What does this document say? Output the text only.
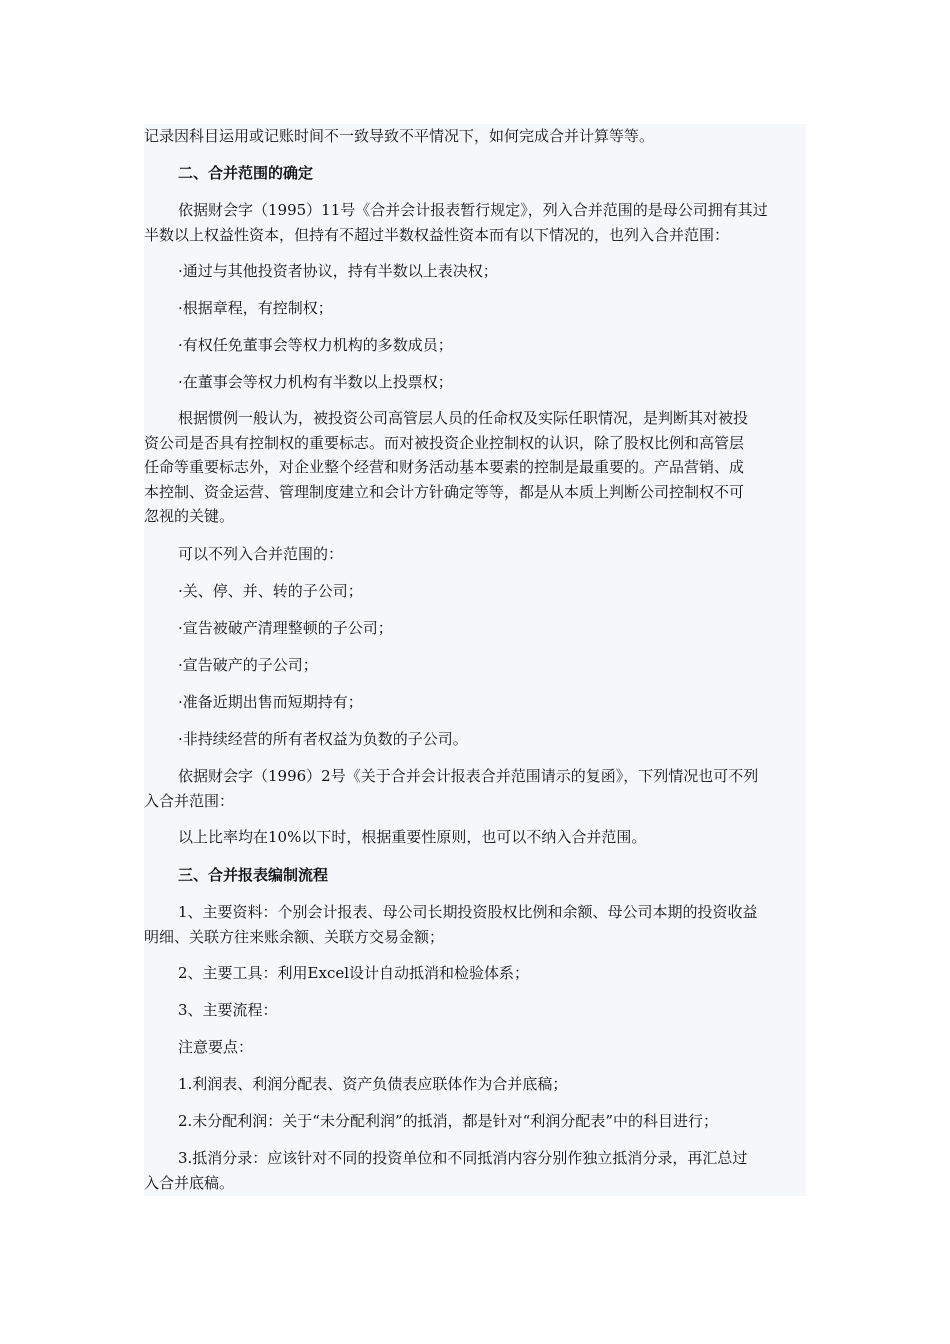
记录因科目运用或记账时间不一致导致不平情况下，如何完成合并计算等等。
二、合并范围的确定
依据财会字（1995）11号《合并会计报表暂行规定》，列入合并范围的是母公司拥有其过
半数以上权益性资本，但持有不超过半数权益性资本而有以下情况的，也列入合并范围：
·通过与其他投资者协议，持有半数以上表决权；
·根据章程，有控制权；
·有权任免董事会等权力机构的多数成员；
·在董事会等权力机构有半数以上投票权；
根据惯例一般认为，被投资公司高管层人员的任命权及实际任职情况，是判断其对被投
资公司是否具有控制权的重要标志。而对被投资企业控制权的认识，除了股权比例和高管层
任命等重要标志外，对企业整个经营和财务活动基本要素的控制是最重要的。产品营销、成
本控制、资金运营、管理制度建立和会计方针确定等等，都是从本质上判断公司控制权不可
忽视的关键。
可以不列入合并范围的：
·关、停、并、转的子公司；
·宣告被破产清理整顿的子公司；
·宣告破产的子公司；
·准备近期出售而短期持有；
·非持续经营的所有者权益为负数的子公司。
依据财会字（1996）2号《关于合并会计报表合并范围请示的复函》，下列情况也可不列
入合并范围：
以上比率均在10%以下时，根据重要性原则，也可以不纳入合并范围。
三、合并报表编制流程
1、主要资料：个别会计报表、母公司长期投资股权比例和余额、母公司本期的投资收益
明细、关联方往来账余额、关联方交易金额；
2、主要工具：利用Excel设计自动抵消和检验体系；
3、主要流程：
注意要点：
1.利润表、利润分配表、资产负债表应联体作为合并底稿；
2.未分配利润：关于“未分配利润”的抵消，都是针对“利润分配表”中的科目进行；
3.抵消分录：应该针对不同的投资单位和不同抵消内容分别作独立抵消分录，再汇总过
入合并底稿。
